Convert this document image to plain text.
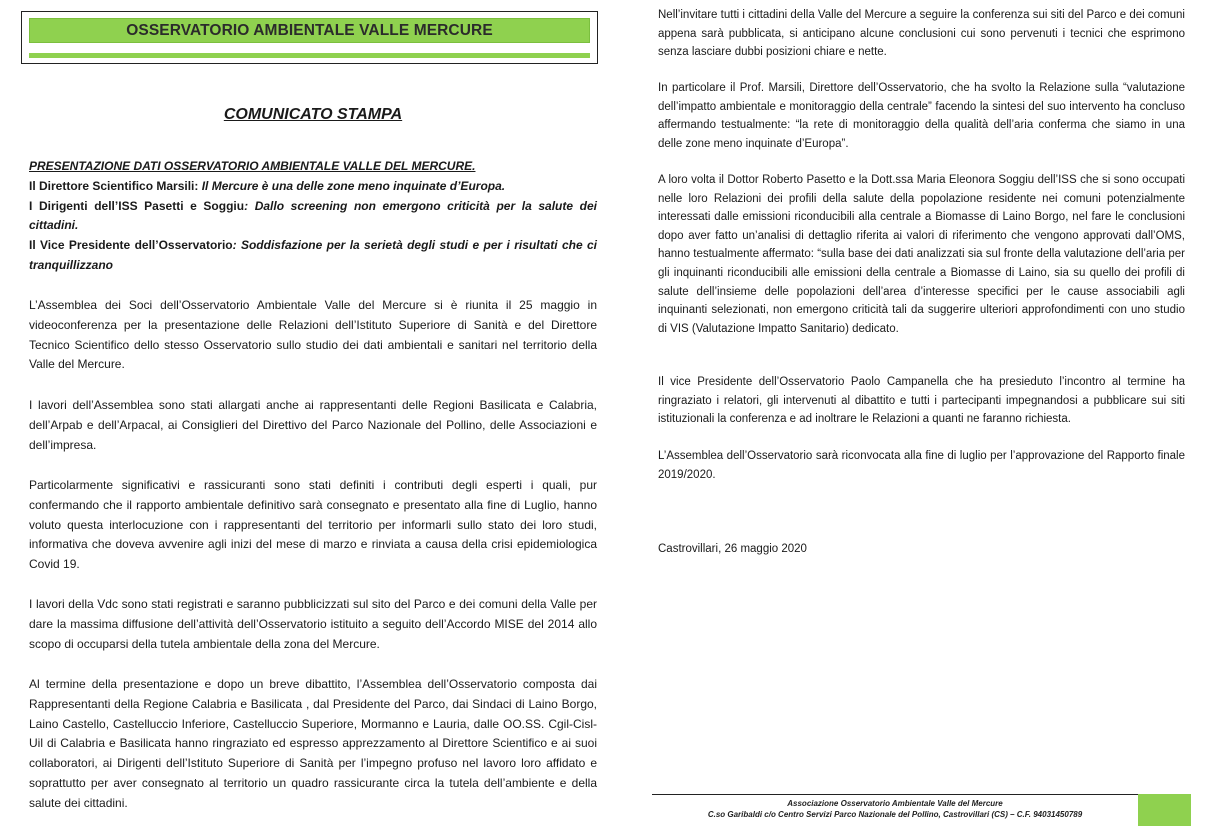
OSSERVATORIO AMBIENTALE VALLE MERCURE
COMUNICATO STAMPA

PRESENTAZIONE DATI OSSERVATORIO AMBIENTALE VALLE DEL MERCURE.

Il Direttore Scientifico Marsili: Il Mercure è una delle zone meno inquinate d’Europa.

I Dirigenti dell’ISS Pasetti e Soggiu: Dallo screening non emergono criticità per la salute dei cittadini.

Il Vice Presidente dell’Osservatorio: Soddisfazione per la serietà degli studi e per i risultati che ci tranquillizzano

L’Assemblea dei Soci dell’Osservatorio Ambientale Valle del Mercure si è riunita il 25 maggio in videoconferenza per la presentazione delle Relazioni dell’Istituto Superiore di Sanità e del Direttore Tecnico Scientifico dello stesso Osservatorio sullo studio dei dati ambientali e sanitari nel territorio della Valle del Mercure.

I lavori dell’Assemblea sono stati allargati anche ai rappresentanti delle Regioni Basilicata e Calabria, dell’Arpab e dell’Arpacal, ai Consiglieri del Direttivo del Parco Nazionale del Pollino, delle Associazioni e dell’impresa.

Particolarmente significativi e rassicuranti sono stati definiti i contributi degli esperti i quali, pur confermando che il rapporto ambientale definitivo sarà consegnato e presentato alla fine di Luglio, hanno voluto questa interlocuzione con i rappresentanti del territorio per informarli sullo stato dei loro studi, informativa che doveva avvenire agli inizi del mese di marzo e rinviata a causa della crisi epidemiologica Covid 19.

I lavori della Vdc sono stati registrati e saranno pubblicizzati sul sito del Parco e dei comuni della Valle per dare la massima diffusione dell’attività dell’Osservatorio istituito a seguito dell’Accordo MISE del 2014 allo scopo di occuparsi della tutela ambientale della zona del Mercure.

Al termine della presentazione e dopo un breve dibattito, l’Assemblea dell’Osservatorio composta dai Rappresentanti della Regione Calabria e Basilicata , dal Presidente del Parco, dai Sindaci di Laino Borgo, Laino Castello, Castelluccio Inferiore, Castelluccio Superiore, Mormanno e Lauria, dalle OO.SS. Cgil-Cisl-Uil di Calabria e Basilicata hanno ringraziato ed espresso apprezzamento al Direttore Scientifico e ai suoi collaboratori, ai Dirigenti dell’Istituto Superiore di Sanità per l’impegno profuso nel lavoro loro affidato e soprattutto per aver consegnato al territorio un quadro rassicurante circa la tutela dell’ambiente e della salute dei cittadini.

Nell’invitare tutti i cittadini della Valle del Mercure a seguire la conferenza sui siti del Parco e dei comuni appena sarà pubblicata, si anticipano alcune conclusioni cui sono pervenuti i tecnici che esprimono senza lasciare dubbi posizioni chiare e nette.

In particolare il Prof. Marsili, Direttore dell’Osservatorio, che ha svolto la Relazione sulla “valutazione dell’impatto ambientale e monitoraggio della centrale” facendo la sintesi del suo intervento ha concluso affermando testualmente: “la rete di monitoraggio della qualità dell’aria conferma che siamo in una delle zone meno inquinate d’Europa”.

A loro volta il Dottor Roberto Pasetto e la Dott.ssa Maria Eleonora Soggiu dell’ISS che si sono occupati nelle loro Relazioni dei profili della salute della popolazione residente nei comuni potenzialmente interessati dalle emissioni riconducibili alla centrale a Biomasse di Laino Borgo, nel fare le conclusioni dopo aver fatto un’analisi di dettaglio riferita ai valori di riferimento che vengono approvati dall’OMS, hanno testualmente affermato: “sulla base dei dati analizzati sia sul fronte della valutazione dell’aria per gli inquinanti riconducibili alle emissioni della centrale a Biomasse di Laino, sia su quello dei profili di salute dell’insieme delle popolazioni dell’area d’interesse specifici per le cause associabili agli inquinanti selezionati, non emergono criticità tali da suggerire ulteriori approfondimenti con uno studio di VIS (Valutazione Impatto Sanitario) dedicato.

Il vice Presidente dell’Osservatorio Paolo Campanella che ha presieduto l’incontro al termine ha ringraziato i relatori, gli intervenuti al dibattito e tutti i partecipanti impegnandosi a pubblicare sui siti istituzionali la conferenza e ad inoltrare le Relazioni a quanti ne faranno richiesta.

L’Assemblea dell’Osservatorio sarà riconvocata alla fine di luglio per l’approvazione del Rapporto finale 2019/2020.

Castrovillari, 26 maggio 2020

Associazione Osservatorio Ambientale Valle del Mercure
C.so Garibaldi c/o Centro Servizi Parco Nazionale del Pollino, Castrovillari (CS) – C.F. 94031450789
